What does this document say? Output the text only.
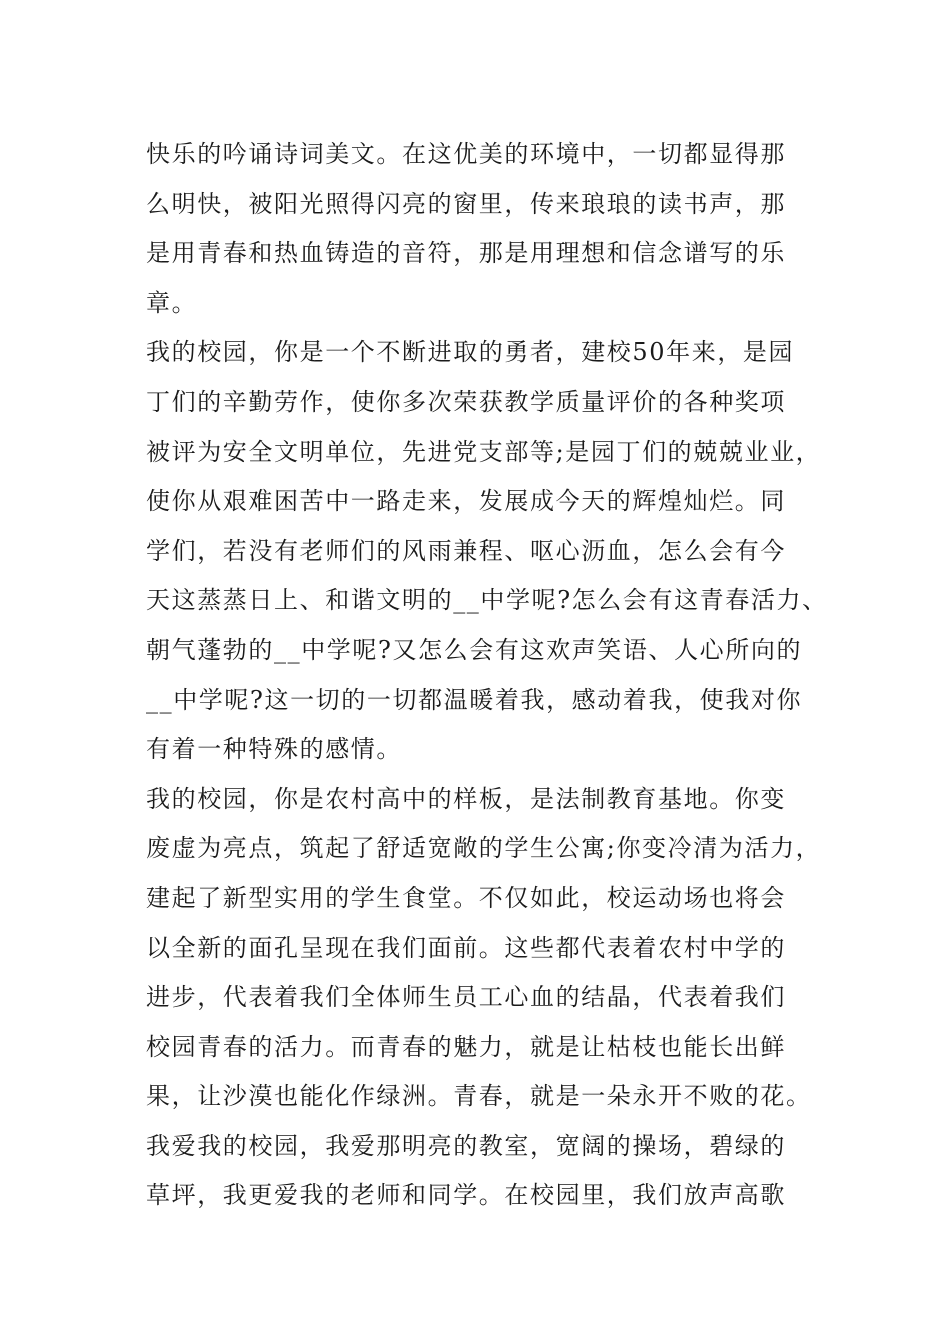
快乐的吟诵诗词美文。在这优美的环境中，一切都显得那
么明快，被阳光照得闪亮的窗里，传来琅琅的读书声，那
是用青春和热血铸造的音符，那是用理想和信念谱写的乐
章。
我的校园，你是一个不断进取的勇者，建校50年来，是园
丁们的辛勤劳作，使你多次荣获教学质量评价的各种奖项
被评为安全文明单位，先进党支部等;是园丁们的兢兢业业，
使你从艰难困苦中一路走来，发展成今天的辉煌灿烂。同
学们，若没有老师们的风雨兼程、呕心沥血，怎么会有今
天这蒸蒸日上、和谐文明的__中学呢?怎么会有这青春活力、
朝气蓬勃的__中学呢?又怎么会有这欢声笑语、人心所向的
__中学呢?这一切的一切都温暖着我，感动着我，使我对你
有着一种特殊的感情。
我的校园，你是农村高中的样板，是法制教育基地。你变
废虚为亮点，筑起了舒适宽敞的学生公寓;你变冷清为活力，
建起了新型实用的学生食堂。不仅如此，校运动场也将会
以全新的面孔呈现在我们面前。这些都代表着农村中学的
进步，代表着我们全体师生员工心血的结晶，代表着我们
校园青春的活力。而青春的魅力，就是让枯枝也能长出鲜
果，让沙漠也能化作绿洲。青春，就是一朵永开不败的花。
我爱我的校园，我爱那明亮的教室，宽阔的操场，碧绿的
草坪，我更爱我的老师和同学。在校园里，我们放声高歌
